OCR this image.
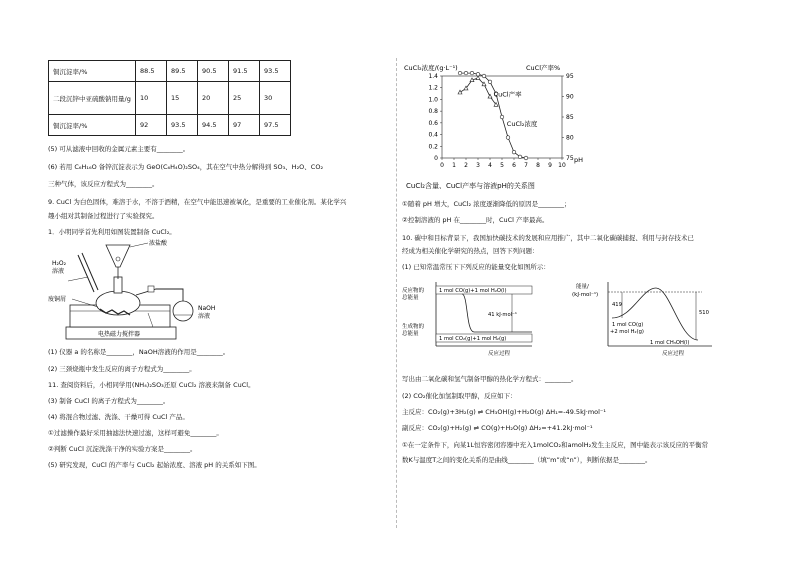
铜沉淀率/%	88.5	89.5	90.5	91.5	93.5
二段沉锌中亚硫酸钠用量/g	10	15	20	25	30
铜沉淀率/%	92	93.5	94.5	97	97.5
(5) 可从滤液中回收的金属元素主要有________。
(6) 若用 C₆H₁₆O 备锌沉淀表示为 GeO(C₆H₄O)₂SO₄，其在空气中热分解得到 SO₃、H₂O、CO₂
三种气体，该反应方程式为________。
9. CuCl 为白色固体，难溶于水，不溶于酒精，在空气中能迅速被氧化，是重要的工业催化剂。某化学兴
趣小组对其制备过程进行了实验探究。
1．小明同学首先利用如图装置制备 CuCl₂。
浓盐酸
H₂O₂
溶液
废铜屑
NaOH
溶液
电热磁力搅拌器
(1) 仪器 a 的名称是________，NaOH溶液的作用是________。
(2) 三颈烧瓶中发生反应的离子方程式为________。
11. 查阅资料后，小相同学用(NH₄)₂SO₃还原 CuCl₂ 溶液来制备 CuCl。
(3) 制备 CuCl 的离子方程式为________。
(4) 将混合物过滤、洗涤、干燥可得 CuCl 产品。
①过滤操作最好采用抽滤法快速过滤，这样可避免________。
②判断 CuCl 沉淀洗涤干净的实验方案是________。
(5) 研究发现，CuCl 的产率与 CuCl₂ 起始浓度、溶液 pH 的关系如下图。
CuCl₂浓度/(g·L⁻¹)	CuCl产率%
pH
0
0.2
0.4
0.6
0.8
1.0
1.2
1.4
75
80
85
90
95
0 1 2 3 4 5 6 7 8 9 10
CuCl产率
CuCl₂浓度
CuCl₂含量、CuCl产率与溶液pH的关系图
①随着 pH 增大，CuCl₂ 浓度逐渐降低的原因是________；
②控制溶液的 pH 在________时，CuCl 产率最高。
10. 碳中和目标背景下，我国加快碳技术的发展和应用推广，其中二氧化碳碳捕捉、利用与封存技术已
经成为相关催化学研究的热点，回答下列问题：
(1) 已知常温常压下下列反应的能量变化如图所示：
反应物的
总能量
生成物的
总能量
1 mol CO(g)+1 mol H₂O(l)
41 kJ·mol⁻¹
1 mol CO₂(g)+1 mol H₂(g)
反应过程
能量/
(kJ·mol⁻¹)
419
510
1 mol CO(g)
+2 mol H₂(g)
1 mol CH₃OH(l)
反应过程
写出由二氧化碳和氢气制备甲醇的热化学方程式：________。
(2) CO₂催化加氢制取甲醇，反应如下：
主反应：CO₂(g)+3H₂(g) ⇌ CH₃OH(g)+H₂O(g) ΔH₁=-49.5kJ·mol⁻¹
副反应：CO₂(g)+H₂(g) ⇌ CO(g)+H₂O(g) ΔH₂=+41.2kJ·mol⁻¹
①在一定条件下，向某1L恒容密闭容器中充入1molCO₂和amolH₂发生主反应，图中能表示该反应的平衡常
数K与温度T之间的变化关系的是曲线________（填“m”或“n”），判断依据是________。
